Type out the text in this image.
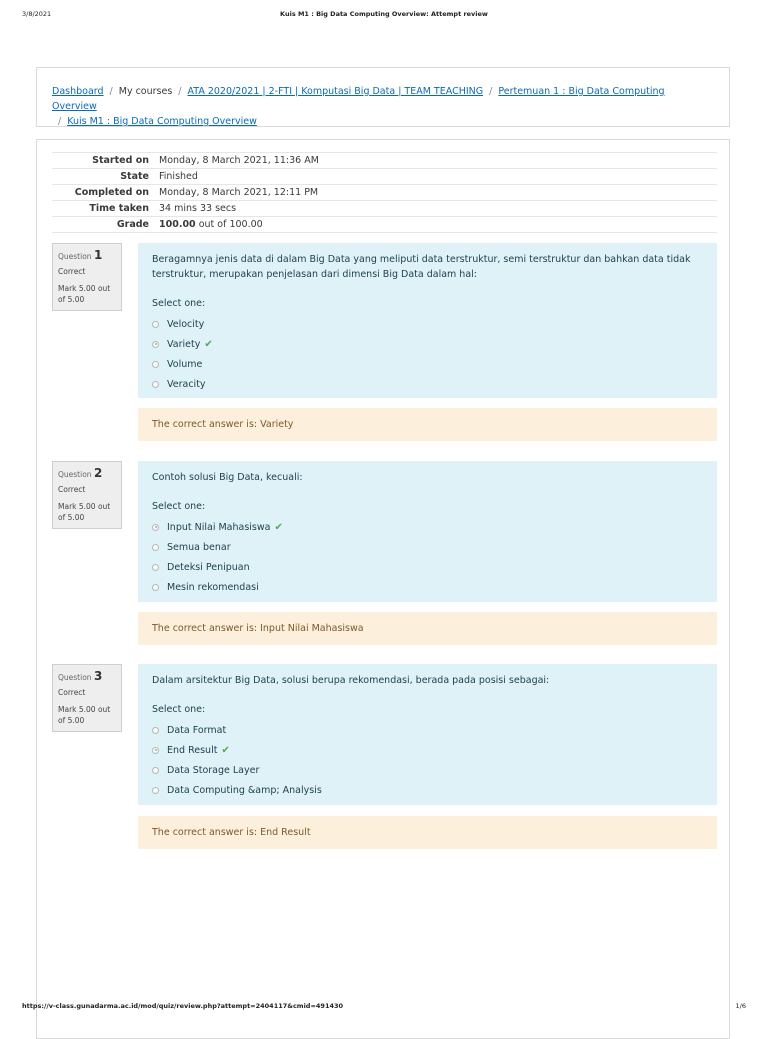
3/8/2021	Kuis M1 : Big Data Computing Overview: Attempt review
Dashboard / My courses / ATA 2020/2021 | 2-FTI | Komputasi Big Data | TEAM TEACHING / Pertemuan 1 : Big Data Computing Overview
/ Kuis M1 : Big Data Computing Overview
Started on	Monday, 8 March 2021, 11:36 AM
State	Finished
Completed on	Monday, 8 March 2021, 12:11 PM
Time taken	34 mins 33 secs
Grade	100.00 out of 100.00
Question 1
Correct
Mark 5.00 out of 5.00
Beragamnya jenis data di dalam Big Data yang meliputi data terstruktur, semi terstruktur dan bahkan data tidak terstruktur, merupakan penjelasan dari dimensi Big Data dalam hal:
Select one:
Velocity
Variety ✔
Volume
Veracity
The correct answer is: Variety
Question 2
Correct
Mark 5.00 out of 5.00
Contoh solusi Big Data, kecuali:
Select one:
Input Nilai Mahasiswa ✔
Semua benar
Deteksi Penipuan
Mesin rekomendasi
The correct answer is: Input Nilai Mahasiswa
Question 3
Correct
Mark 5.00 out of 5.00
Dalam arsitektur Big Data, solusi berupa rekomendasi, berada pada posisi sebagai:
Select one:
Data Format
End Result ✔
Data Storage Layer
Data Computing &amp; Analysis
The correct answer is: End Result
https://v-class.gunadarma.ac.id/mod/quiz/review.php?attempt=2404117&cmid=491430	1/6
